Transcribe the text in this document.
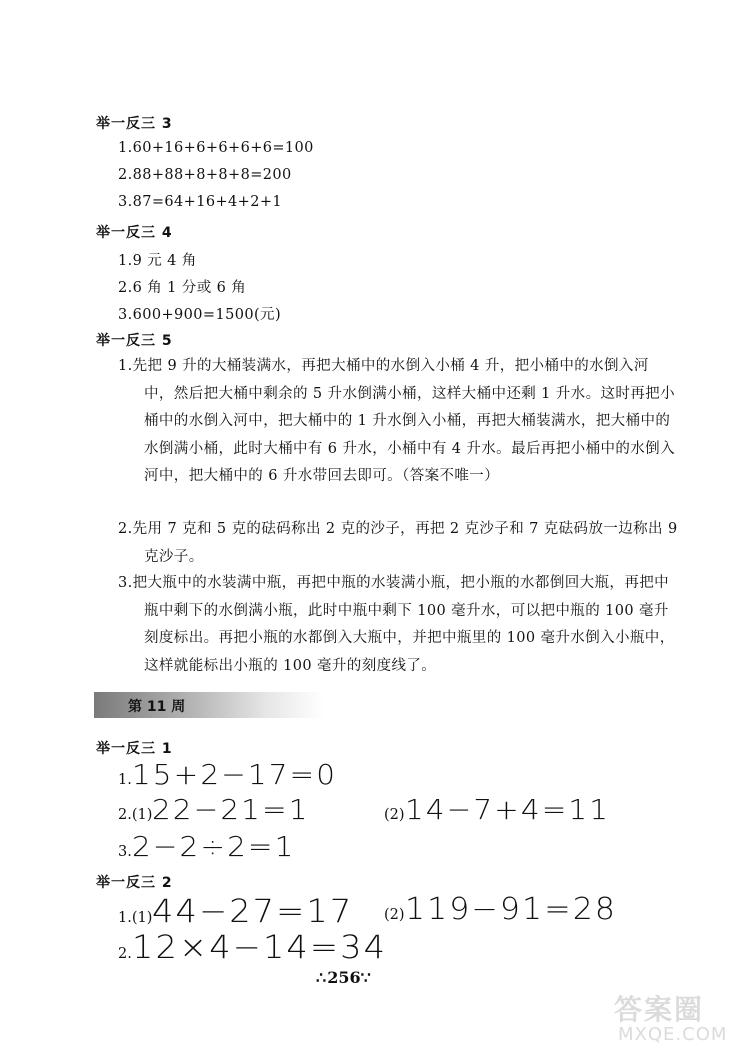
举一反三 3
1.60+16+6+6+6+6=100
2.88+88+8+8+8=200
3.87=64+16+4+2+1
举一反三 4
1.9 元 4 角
2.6 角 1 分或 6 角
3.600+900=1500(元)
举一反三 5
1.先把 9 升的大桶装满水，再把大桶中的水倒入小桶 4 升，把小桶中的水倒入河中，然后把大桶中剩余的 5 升水倒满小桶，这样大桶中还剩 1 升水。这时再把小桶中的水倒入河中，把大桶中的 1 升水倒入小桶，再把大桶装满水，把大桶中的水倒满小桶，此时大桶中有 6 升水，小桶中有 4 升水。最后再把小桶中的水倒入河中，把大桶中的 6 升水带回去即可。（答案不唯一）
2.先用 7 克和 5 克的砝码称出 2 克的沙子，再把 2 克沙子和 7 克砝码放一边称出 9 克沙子。
3.把大瓶中的水装满中瓶，再把中瓶的水装满小瓶，把小瓶的水都倒回大瓶，再把中瓶中剩下的水倒满小瓶，此时中瓶中剩下 100 毫升水，可以把中瓶的 100 毫升刻度标出。再把小瓶的水都倒入大瓶中，并把中瓶里的 100 毫升水倒入小瓶中，这样就能标出小瓶的 100 毫升的刻度线了。
第 11 周
举一反三 1
1. 15+2−17=0
2. (1) 22−21=1	(2) 14−7+4=11
3. 2−2÷2=1
举一反三 2
1. (1) 44−27=17 (2) 119−91=28
2. 12×4−14=34
∴256∵
答案圈
MXQE.COM
